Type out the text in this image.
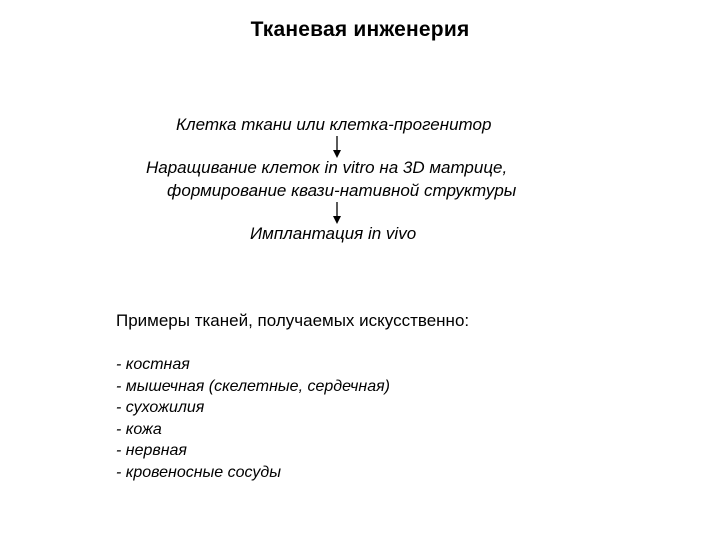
Тканевая инженерия
Клетка ткани или клетка-прогенитор
Наращивание клеток in vitro на 3D матрице,
формирование квази-нативной структуры
Имплантация in vivo
Примеры тканей, получаемых искусственно:
- костная
- мышечная (скелетные, сердечная)
- сухожилия
- кожа
- нервная
- кровеносные сосуды
